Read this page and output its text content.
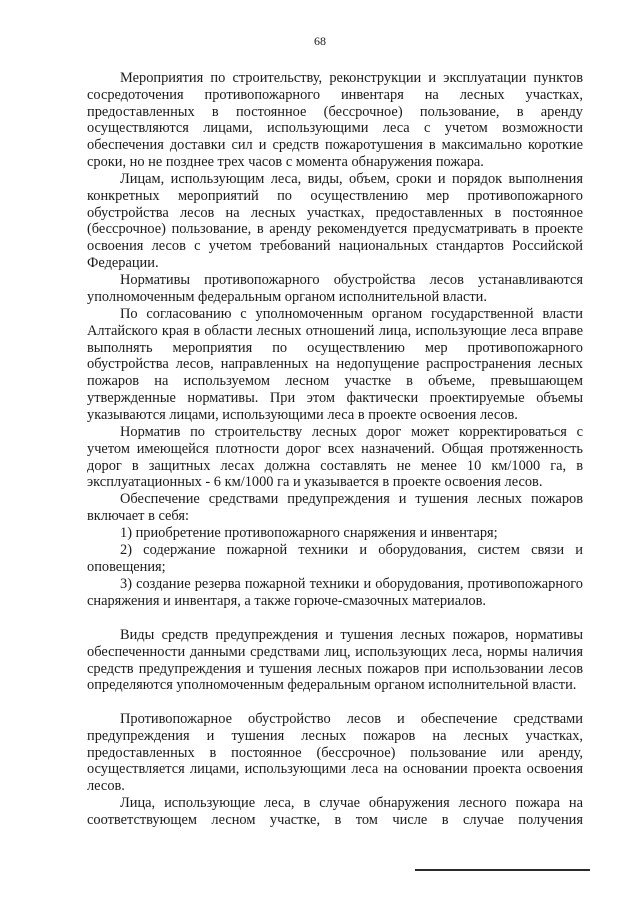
68

Мероприятия по строительству, реконструкции и эксплуатации пунктов сосредоточения противопожарного инвентаря на лесных участках, предоставленных в постоянное (бессрочное) пользование, в аренду осуществляются лицами, использующими леса с учетом возможности обеспечения доставки сил и средств пожаротушения в максимально короткие сроки, но не позднее трех часов с момента обнаружения пожара.

Лицам, использующим леса, виды, объем, сроки и порядок выполнения конкретных мероприятий по осуществлению мер противопожарного обустройства лесов на лесных участках, предоставленных в постоянное (бессрочное) пользование, в аренду рекомендуется предусматривать в проекте освоения лесов с учетом требований национальных стандартов Российской Федерации.

Нормативы противопожарного обустройства лесов устанавливаются уполномоченным федеральным органом исполнительной власти.

По согласованию с уполномоченным органом государственной власти Алтайского края в области лесных отношений лица, использующие леса вправе выполнять мероприятия по осуществлению мер противопожарного обустройства лесов, направленных на недопущение распространения лесных пожаров на используемом лесном участке в объеме, превышающем утвержденные нормативы. При этом фактически проектируемые объемы указываются лицами, использующими леса в проекте освоения лесов.

Норматив по строительству лесных дорог может корректироваться с учетом имеющейся плотности дорог всех назначений. Общая протяженность дорог в защитных лесах должна составлять не менее 10 км/1000 га, в эксплуатационных - 6 км/1000 га и указывается в проекте освоения лесов.

Обеспечение средствами предупреждения и тушения лесных пожаров включает в себя:

1) приобретение противопожарного снаряжения и инвентаря;

2) содержание пожарной техники и оборудования, систем связи и оповещения;

3) создание резерва пожарной техники и оборудования, противопожарного снаряжения и инвентаря, а также горюче-смазочных материалов.

Виды средств предупреждения и тушения лесных пожаров, нормативы обеспеченности данными средствами лиц, использующих леса, нормы наличия средств предупреждения и тушения лесных пожаров при использовании лесов определяются уполномоченным федеральным органом исполнительной власти.

Противопожарное обустройство лесов и обеспечение средствами предупреждения и тушения лесных пожаров на лесных участках, предоставленных в постоянное (бессрочное) пользование или аренду, осуществляется лицами, использующими леса на основании проекта освоения лесов.

Лица, использующие леса, в случае обнаружения лесного пожара на соответствующем лесном участке, в том числе в случае получения
